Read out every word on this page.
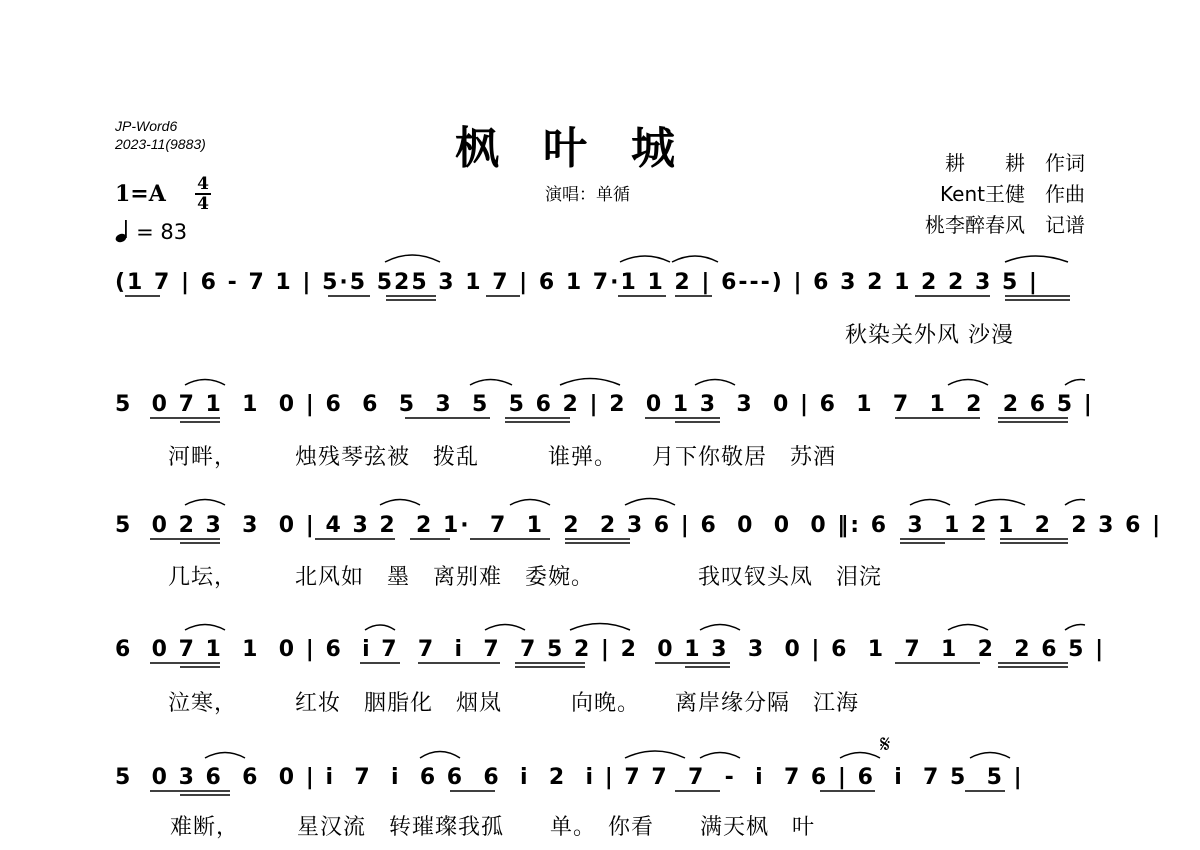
JP-Word6
2023-11(9883)	枫　叶　城
演唱：单循
耕　　耕　作词
Kent王健　作曲
桃李醉春风　记谱
1=A 4
4
= 83
(1 7 | 6 - 7 1 | 5·5 525 3 1 7 | 6 1 7·1 1 2 | 6---) | 6 3 2 1 2 2 3 5 |
秋染关外风 沙漫
5  0 7 1  1  0 | 6  6  5  3  5  5 6 2 | 2  0 1 3  3  0 | 6  1  7  1  2  2 6 5 |
河畔，　　　烛残琴弦被　拨乱　　　谁弹。　　月下你敬居　苏酒
5  0 2 3  3  0 | 4 3 2  2 1·  7  1  2  2 3 6 | 6  0  0  0 ‖: 6  3  1 2 1  2  2 3 6 |
几坛，　　　北风如　墨　离别难　委婉。　　　　　我叹钗头凤　泪浣
6  0 7 1  1  0 | 6  i 7  7  i  7  7 5 2 | 2  0 1 3  3  0 | 6  1  7  1  2  2 6 5 |
泣寒，　　　红妆　胭脂化　烟岚　　　向晚。　　离岸缘分隔　江海
𝄋
5  0 3 6  6  0 | i  7  i  6 6  6  i  2  i | 7 7  7  -  i  7 6 | 6  i  7 5  5 |
难断，　　　星汉流　转璀璨我孤　　单。　你看　　满天枫　叶
